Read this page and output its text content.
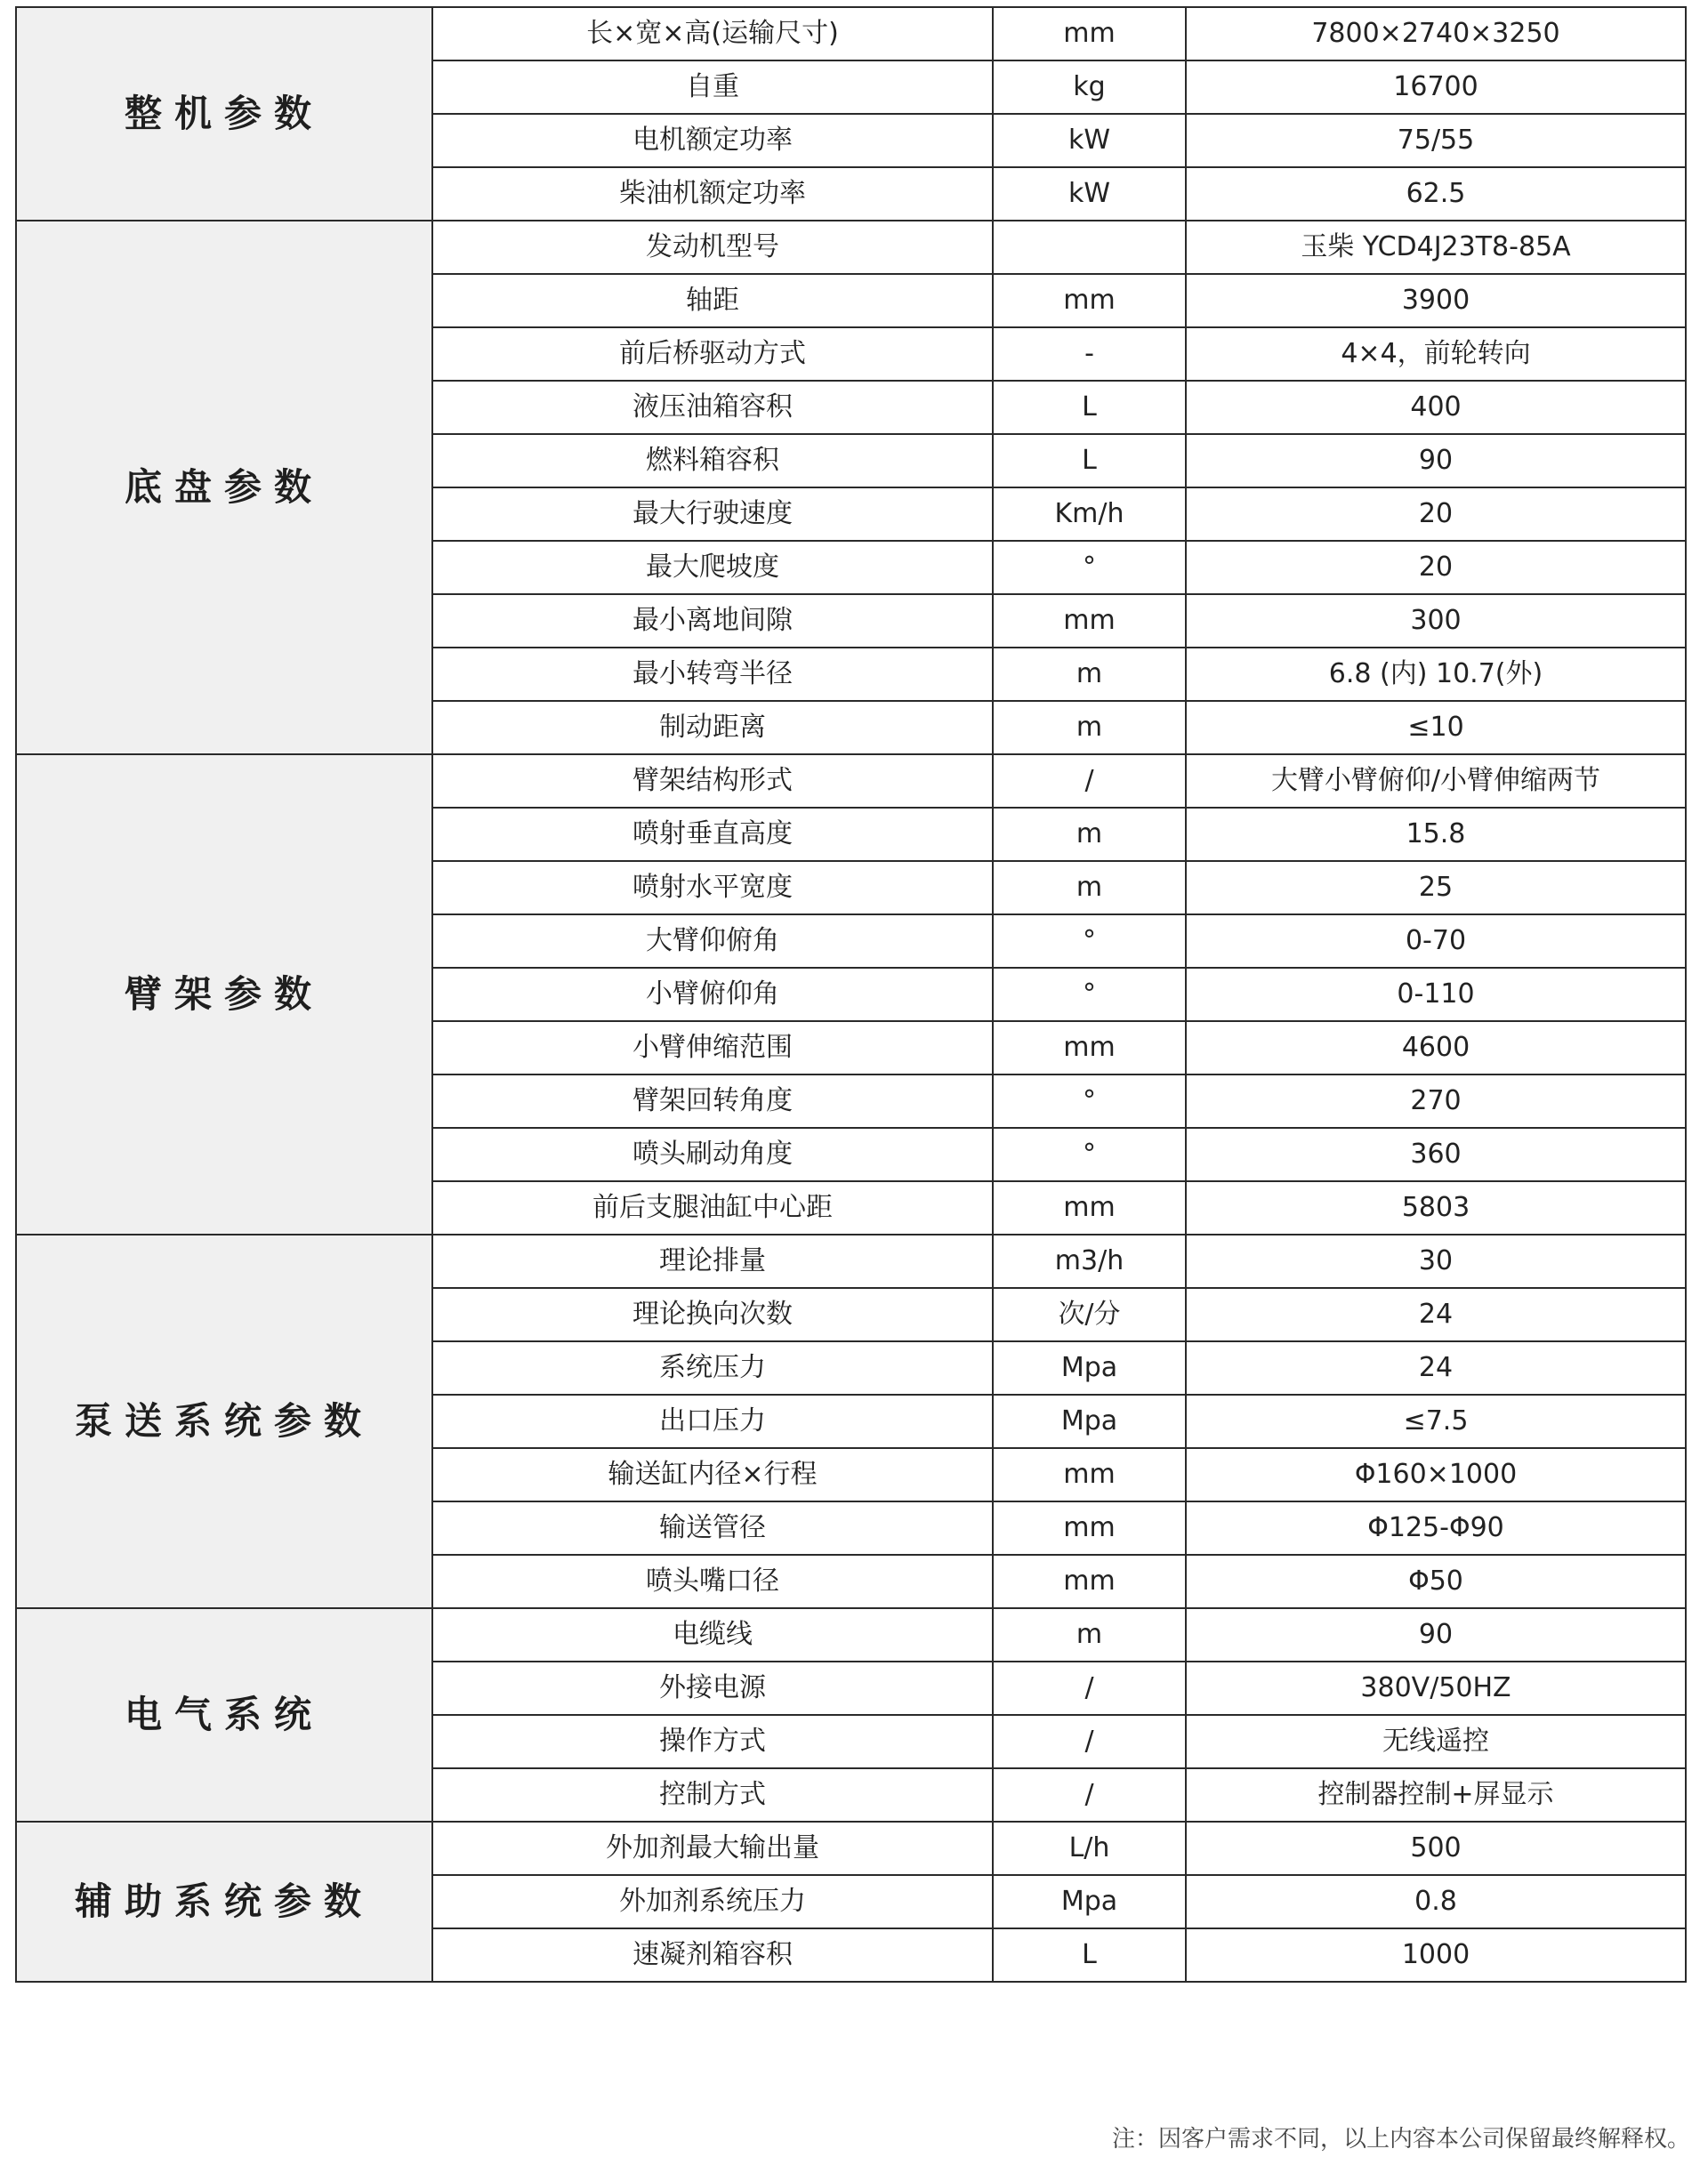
整机参数	长×宽×高(运输尺寸)	mm	7800×2740×3250
	自重	kg	16700
	电机额定功率	kW	75/55
	柴油机额定功率	kW	62.5
底盘参数	发动机型号		玉柴 YCD4J23T8-85A
	轴距	mm	3900
	前后桥驱动方式	-	4×4，前轮转向
	液压油箱容积	L	400
	燃料箱容积	L	90
	最大行驶速度	Km/h	20
	最大爬坡度	°	20
	最小离地间隙	mm	300
	最小转弯半径	m	6.8 (内) 10.7(外)
	制动距离	m	≤10
臂架参数	臂架结构形式	/	大臂小臂俯仰/小臂伸缩两节
	喷射垂直高度	m	15.8
	喷射水平宽度	m	25
	大臂仰俯角	°	0-70
	小臂俯仰角	°	0-110
	小臂伸缩范围	mm	4600
	臂架回转角度	°	270
	喷头刷动角度	°	360
	前后支腿油缸中心距	mm	5803
泵送系统参数	理论排量	m3/h	30
	理论换向次数	次/分	24
	系统压力	Mpa	24
	出口压力	Mpa	≤7.5
	输送缸内径×行程	mm	Φ160×1000
	输送管径	mm	Φ125-Φ90
	喷头嘴口径	mm	Φ50
电气系统	电缆线	m	90
	外接电源	/	380V/50HZ
	操作方式	/	无线遥控
	控制方式	/	控制器控制+屏显示
辅助系统参数	外加剂最大输出量	L/h	500
	外加剂系统压力	Mpa	0.8
	速凝剂箱容积	L	1000
注：因客户需求不同，以上内容本公司保留最终解释权。
